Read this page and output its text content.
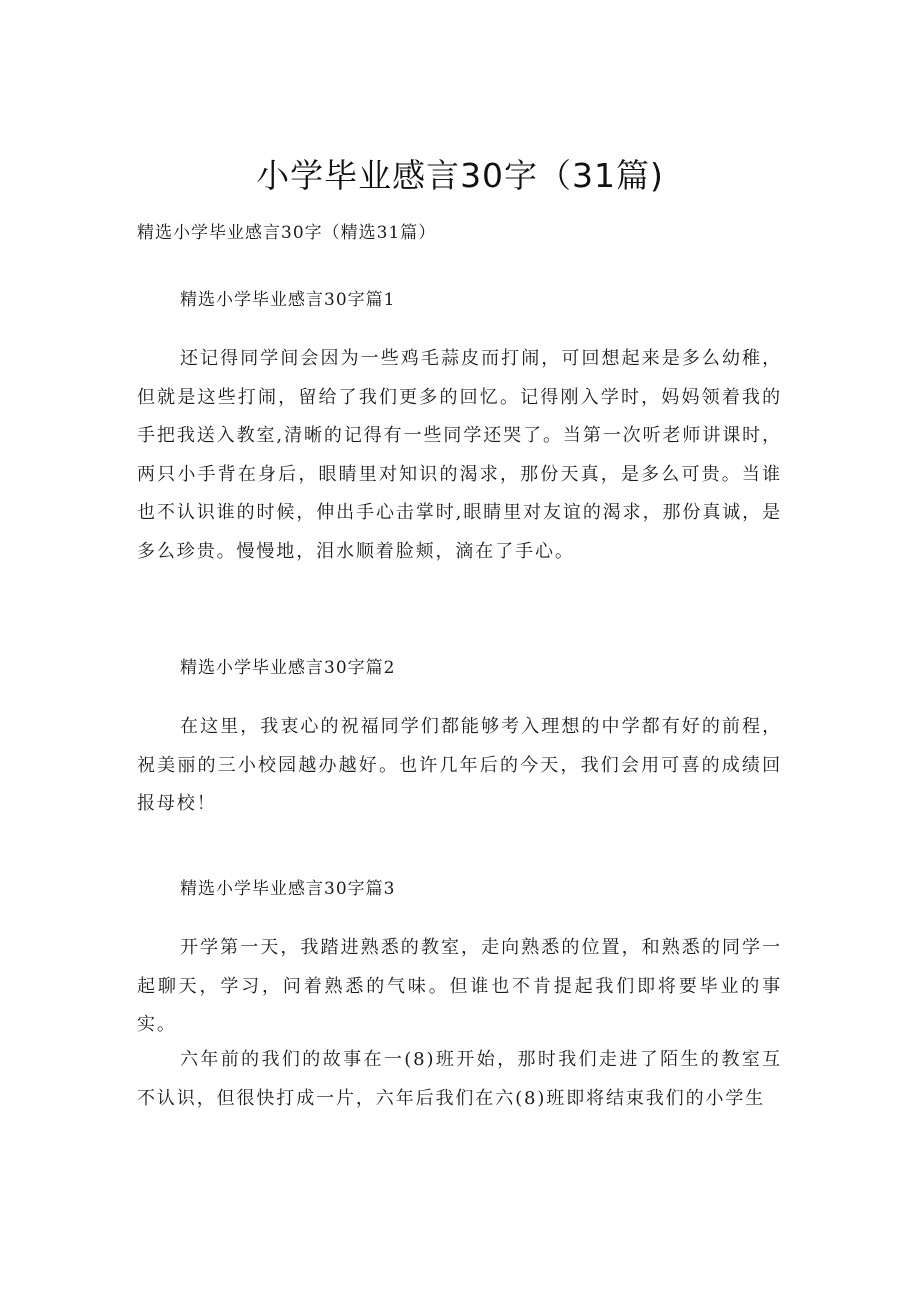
小学毕业感言30字（31篇)
精选小学毕业感言30字（精选31篇）
精选小学毕业感言30字篇1
还记得同学间会因为一些鸡毛蒜皮而打闹，可回想起来是多么幼稚，但就是这些打闹，留给了我们更多的回忆。记得刚入学时，妈妈领着我的手把我送入教室,清晰的记得有一些同学还哭了。当第一次听老师讲课时，两只小手背在身后，眼睛里对知识的渴求，那份天真，是多么可贵。当谁也不认识谁的时候，伸出手心击掌时,眼睛里对友谊的渴求，那份真诚，是多么珍贵。慢慢地，泪水顺着脸颊，滴在了手心。
精选小学毕业感言30字篇2
在这里，我衷心的祝福同学们都能够考入理想的中学都有好的前程，祝美丽的三小校园越办越好。也许几年后的今天，我们会用可喜的成绩回报母校！
精选小学毕业感言30字篇3
开学第一天，我踏进熟悉的教室，走向熟悉的位置，和熟悉的同学一起聊天，学习，问着熟悉的气味。但谁也不肯提起我们即将要毕业的事实。
六年前的我们的故事在一(8)班开始，那时我们走进了陌生的教室互不认识，但很快打成一片，六年后我们在六(8)班即将结束我们的小学生
